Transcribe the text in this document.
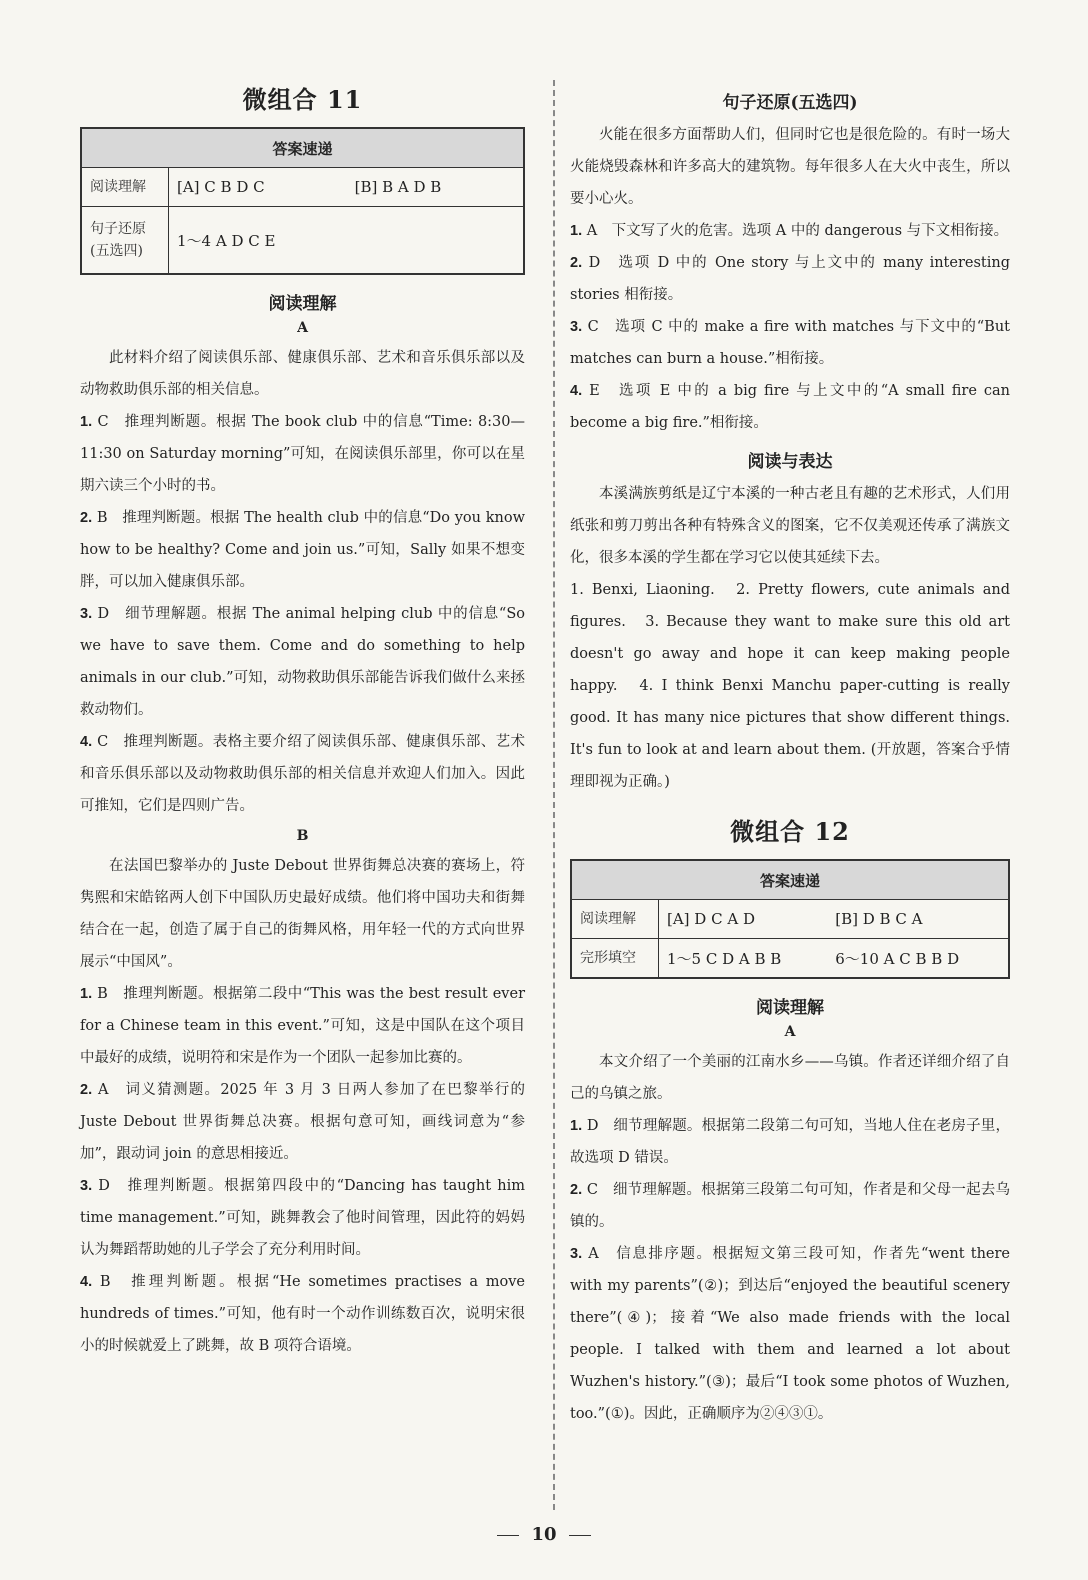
微组合 11
答案速递		
阅读理解	[A] C B D C	[B] B A D B
句子还原 (五选四)	1～4 A D C E	
阅读理解
A

此材料介绍了阅读俱乐部、健康俱乐部、艺术和音乐俱乐部以及动物救助俱乐部的相关信息。

1. C　推理判断题。根据 The book club 中的信息“Time: 8:30—11:30 on Saturday morning”可知，在阅读俱乐部里，你可以在星期六读三个小时的书。

2. B　推理判断题。根据 The health club 中的信息“Do you know how to be healthy? Come and join us.”可知，Sally 如果不想变胖，可以加入健康俱乐部。

3. D　细节理解题。根据 The animal helping club 中的信息“So we have to save them. Come and do something to help animals in our club.”可知，动物救助俱乐部能告诉我们做什么来拯救动物们。

4. C　推理判断题。表格主要介绍了阅读俱乐部、健康俱乐部、艺术和音乐俱乐部以及动物救助俱乐部的相关信息并欢迎人们加入。因此可推知，它们是四则广告。

B

在法国巴黎举办的 Juste Debout 世界街舞总决赛的赛场上，符隽熙和宋皓铭两人创下中国队历史最好成绩。他们将中国功夫和街舞结合在一起，创造了属于自己的街舞风格，用年轻一代的方式向世界展示“中国风”。

1. B　推理判断题。根据第二段中“This was the best result ever for a Chinese team in this event.”可知，这是中国队在这个项目中最好的成绩，说明符和宋是作为一个团队一起参加比赛的。

2. A　词义猜测题。2025 年 3 月 3 日两人参加了在巴黎举行的 Juste Debout 世界街舞总决赛。根据句意可知，画线词意为“参加”，跟动词 join 的意思相接近。

3. D　推理判断题。根据第四段中的“Dancing has taught him time management.”可知，跳舞教会了他时间管理，因此符的妈妈认为舞蹈帮助她的儿子学会了充分利用时间。

4. B　推理判断题。根据“He sometimes practises a move hundreds of times.”可知，他有时一个动作训练数百次，说明宋很小的时候就爱上了跳舞，故 B 项符合语境。

句子还原(五选四)

火能在很多方面帮助人们，但同时它也是很危险的。有时一场大火能烧毁森林和许多高大的建筑物。每年很多人在大火中丧生，所以要小心火。

1. A　下文写了火的危害。选项 A 中的 dangerous 与下文相衔接。

2. D　选项 D 中的 One story 与上文中的 many interesting stories 相衔接。

3. C　选项 C 中的 make a fire with matches 与下文中的“But matches can burn a house.”相衔接。

4. E　选项 E 中的 a big fire 与上文中的“A small fire can become a big fire.”相衔接。

阅读与表达

本溪满族剪纸是辽宁本溪的一种古老且有趣的艺术形式，人们用纸张和剪刀剪出各种有特殊含义的图案，它不仅美观还传承了满族文化，很多本溪的学生都在学习它以使其延续下去。

1. Benxi, Liaoning.　2. Pretty flowers, cute animals and figures.　3. Because they want to make sure this old art doesn't go away and hope it can keep making people happy.　4. I think Benxi Manchu paper-cutting is really good. It has many nice pictures that show different things. It's fun to look at and learn about them. (开放题，答案合乎情理即视为正确。)

微组合 12
答案速递		
阅读理解	[A] D C A D	[B] D B C A
完形填空	1～5 C D A B B	6～10 A C B B D
阅读理解
A

本文介绍了一个美丽的江南水乡——乌镇。作者还详细介绍了自己的乌镇之旅。

1. D　细节理解题。根据第二段第二句可知，当地人住在老房子里，故选项 D 错误。

2. C　细节理解题。根据第三段第二句可知，作者是和父母一起去乌镇的。

3. A　信息排序题。根据短文第三段可知，作者先“went there with my parents”(②)；到达后“enjoyed the beautiful scenery there”(④)；接着“We also made friends with the local people. I talked with them and learned a lot about Wuzhen's history.”(③)；最后“I took some photos of Wuzhen, too.”(①)。因此，正确顺序为②④③①。

10
